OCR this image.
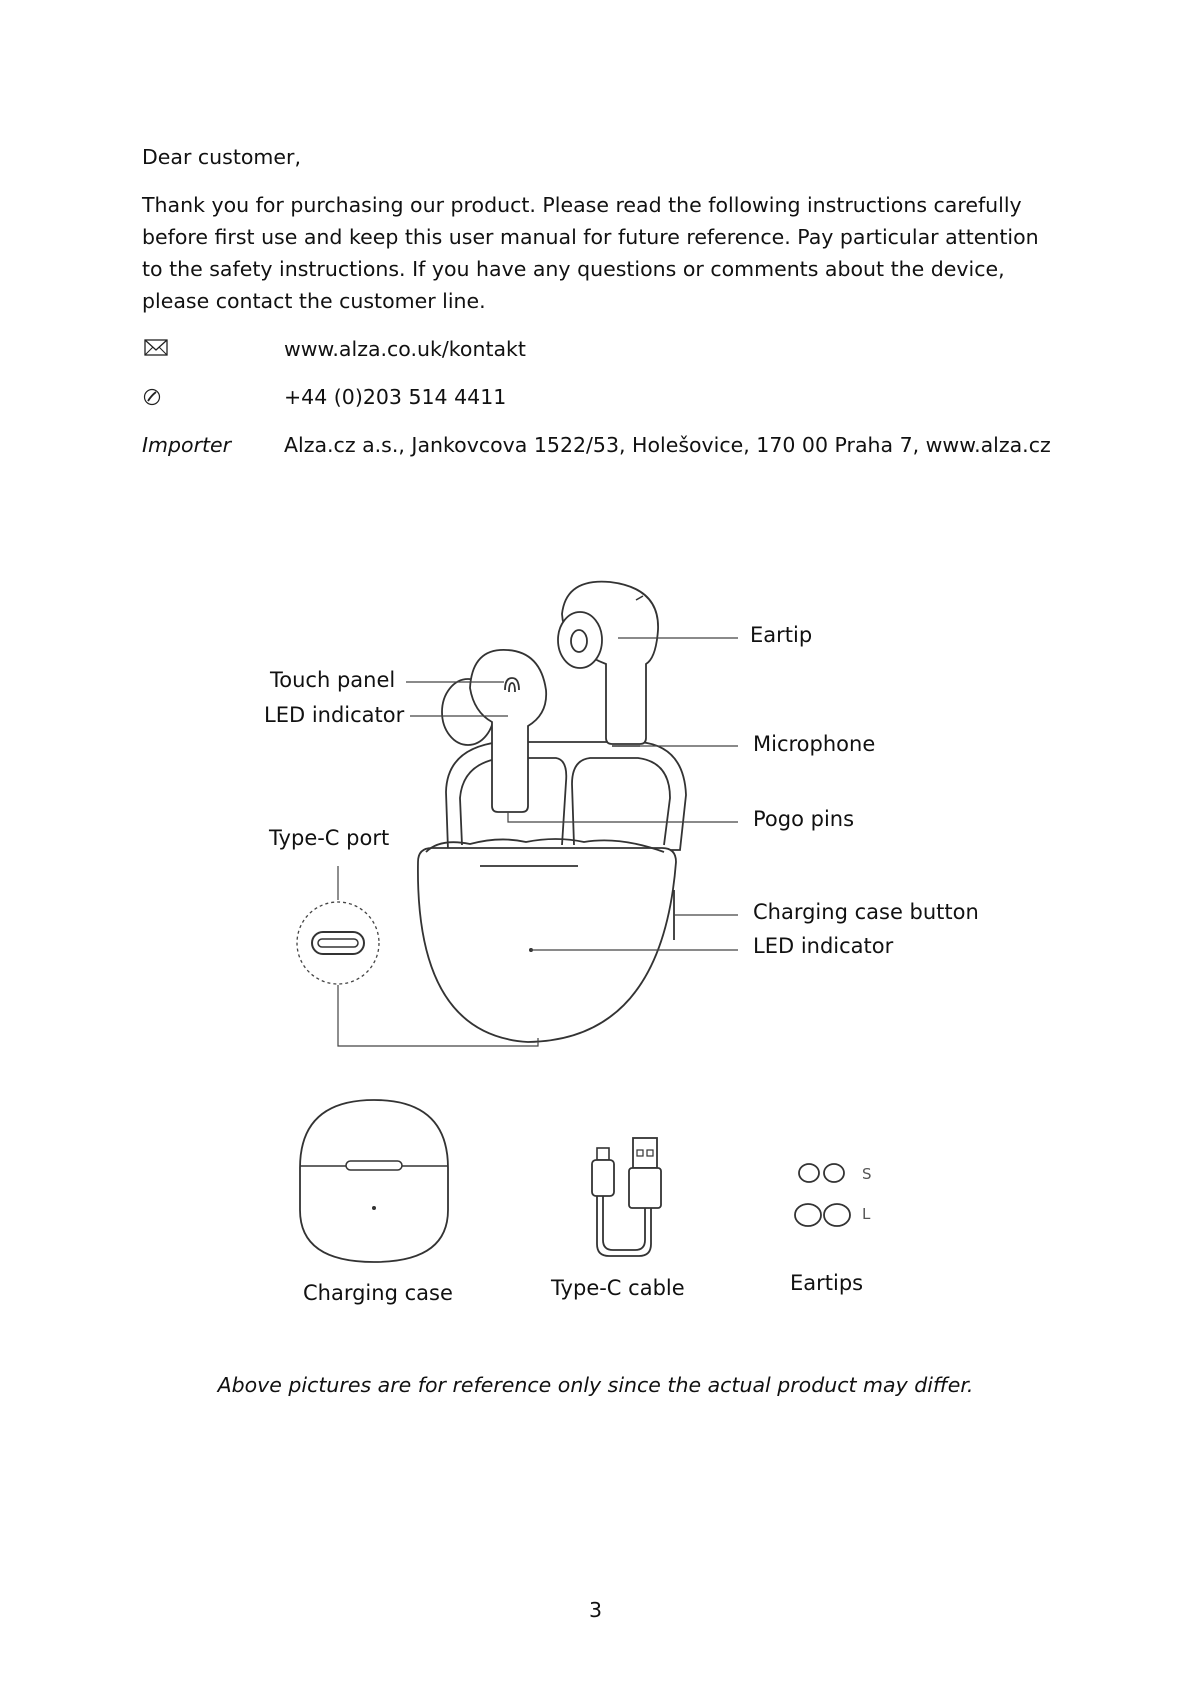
Dear customer,
Thank you for purchasing our product. Please read the following instructions carefully before first use and keep this user manual for future reference. Pay particular attention to the safety instructions. If you have any questions or comments about the device, please contact the customer line.
www.alza.co.uk/kontakt
+44 (0)203 514 4411
Importer	Alza.cz a.s., Jankovcova 1522/53, Holešovice, 170 00 Praha 7, www.alza.cz
Eartip
Touch panel
LED indicator
Microphone
Pogo pins
Type-C port
Charging case button
LED indicator
Charging case	Type-C cable	Eartips
S
L
Above pictures are for reference only since the actual product may differ.
3
